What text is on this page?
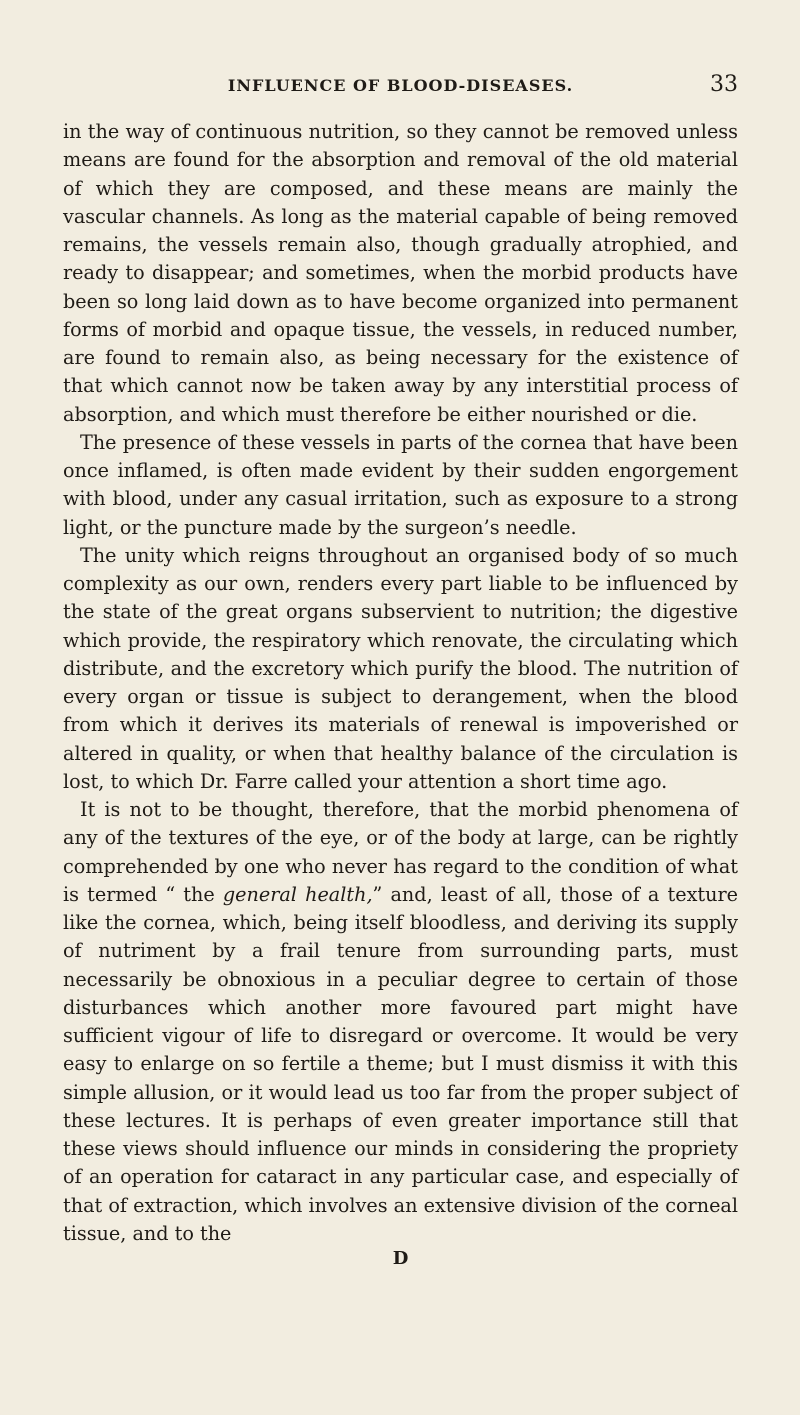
INFLUENCE OF BLOOD-DISEASES.	33

in the way of continuous nutrition, so they cannot be removed unless means are found for the absorption and removal of the old material of which they are composed, and these means are mainly the vascular channels. As long as the material capable of being removed remains, the vessels remain also, though gradually atrophied, and ready to disappear; and sometimes, when the morbid products have been so long laid down as to have become organized into permanent forms of morbid and opaque tissue, the vessels, in reduced number, are found to remain also, as being necessary for the existence of that which cannot now be taken away by any interstitial process of absorption, and which must therefore be either nourished or die.

The presence of these vessels in parts of the cornea that have been once inflamed, is often made evident by their sudden engorgement with blood, under any casual irritation, such as exposure to a strong light, or the puncture made by the surgeon’s needle.

The unity which reigns throughout an organised body of so much complexity as our own, renders every part liable to be influenced by the state of the great organs subservient to nutrition; the digestive which provide, the respiratory which renovate, the circulating which distribute, and the excretory which purify the blood. The nutrition of every organ or tissue is subject to derangement, when the blood from which it derives its materials of renewal is impoverished or altered in quality, or when that healthy balance of the circulation is lost, to which Dr. Farre called your attention a short time ago.

It is not to be thought, therefore, that the morbid phenomena of any of the textures of the eye, or of the body at large, can be rightly comprehended by one who never has regard to the condition of what is termed “ the general health,” and, least of all, those of a texture like the cornea, which, being itself bloodless, and deriving its supply of nutriment by a frail tenure from surrounding parts, must necessarily be obnoxious in a peculiar degree to certain of those disturbances which another more favoured part might have sufficient vigour of life to disregard or overcome. It would be very easy to enlarge on so fertile a theme; but I must dismiss it with this simple allusion, or it would lead us too far from the proper subject of these lectures. It is perhaps of even greater importance still that these views should influence our minds in considering the propriety of an operation for cataract in any particular case, and especially of that of extraction, which involves an extensive division of the corneal tissue, and to the

D
